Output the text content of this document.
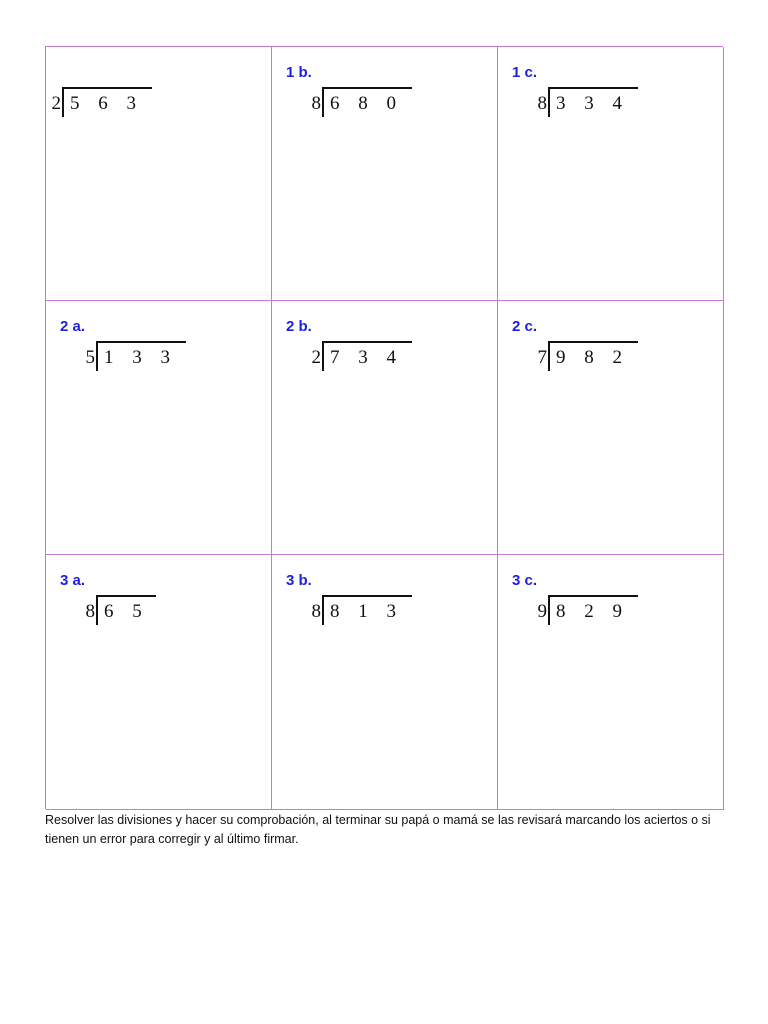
2 5 6 3
1 b.
8 6 8 0
1 c.
8 3 3 4
2 a.
5 1 3 3
2 b.
2 7 3 4
2 c.
7 9 8 2
3 a.
8 6 5
3 b.
8 8 1 3
3 c.
9 8 2 9

Resolver las divisiones y hacer su comprobación, al terminar su papá o mamá se las revisará marcando los aciertos o si tienen un error para corregir y al último firmar.
